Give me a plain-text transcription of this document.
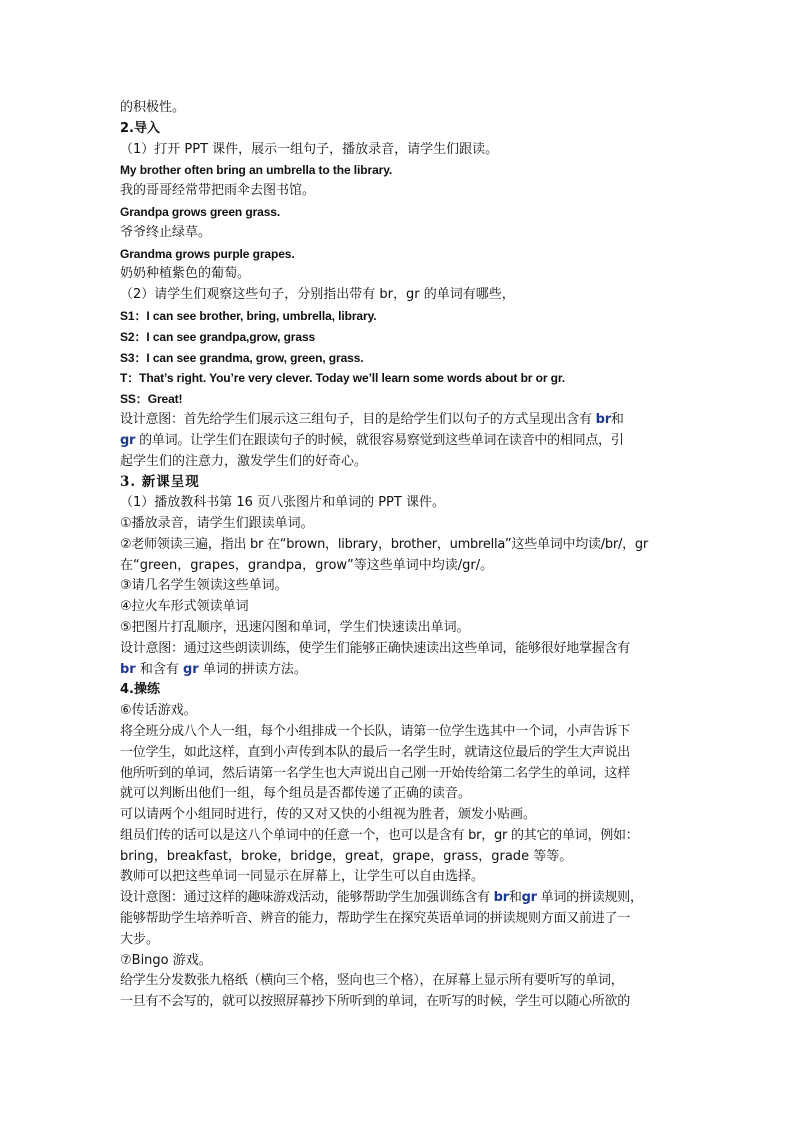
的积极性。
2.导入
（1）打开 PPT 课件，展示一组句子，播放录音，请学生们跟读。
My brother often bring an umbrella to the library.
我的哥哥经常带把雨伞去图书馆。
Grandpa grows green grass.
爷爷终止绿草。
Grandma grows purple grapes.
奶奶种植紫色的葡萄。
（2）请学生们观察这些句子，分别指出带有 br，gr 的单词有哪些，
S1：I can see brother, bring, umbrella, library.
S2：I can see grandpa,grow, grass
S3：I can see grandma, grow, green, grass.
T：That’s right. You’re very clever. Today we’ll learn some words about br or gr.
SS：Great!
设计意图：首先给学生们展示这三组句子，目的是给学生们以句子的方式呈现出含有 br和
gr 的单词。让学生们在跟读句子的时候，就很容易察觉到这些单词在读音中的相同点，引
起学生们的注意力，激发学生们的好奇心。
3. 新课呈现
（1）播放教科书第 16 页八张图片和单词的 PPT 课件。
①播放录音，请学生们跟读单词。
②老师领读三遍，指出 br 在“brown，library，brother，umbrella”这些单词中均读/br/，gr
在“green，grapes，grandpa，grow”等这些单词中均读/gr/。
③请几名学生领读这些单词。
④拉火车形式领读单词
⑤把图片打乱顺序，迅速闪图和单词，学生们快速读出单词。
设计意图：通过这些朗读训练，使学生们能够正确快速读出这些单词，能够很好地掌握含有
br 和含有 gr 单词的拼读方法。
4.操练
⑥传话游戏。
将全班分成八个人一组，每个小组排成一个长队，请第一位学生选其中一个词，小声告诉下
一位学生，如此这样，直到小声传到本队的最后一名学生时，就请这位最后的学生大声说出
他所听到的单词，然后请第一名学生也大声说出自己刚一开始传给第二名学生的单词，这样
就可以判断出他们一组，每个组员是否都传递了正确的读音。
可以请两个小组同时进行，传的又对又快的小组视为胜者，颁发小贴画。
组员们传的话可以是这八个单词中的任意一个，也可以是含有 br，gr 的其它的单词，例如：
bring，breakfast，broke，bridge，great，grape，grass，grade 等等。
教师可以把这些单词一同显示在屏幕上，让学生可以自由选择。
设计意图：通过这样的趣味游戏活动，能够帮助学生加强训练含有 br和gr 单词的拼读规则，
能够帮助学生培养听音、辨音的能力，帮助学生在探究英语单词的拼读规则方面又前进了一
大步。
⑦Bingo 游戏。
给学生分发数张九格纸（横向三个格，竖向也三个格），在屏幕上显示所有要听写的单词，
一旦有不会写的，就可以按照屏幕抄下所听到的单词，在听写的时候，学生可以随心所欲的
